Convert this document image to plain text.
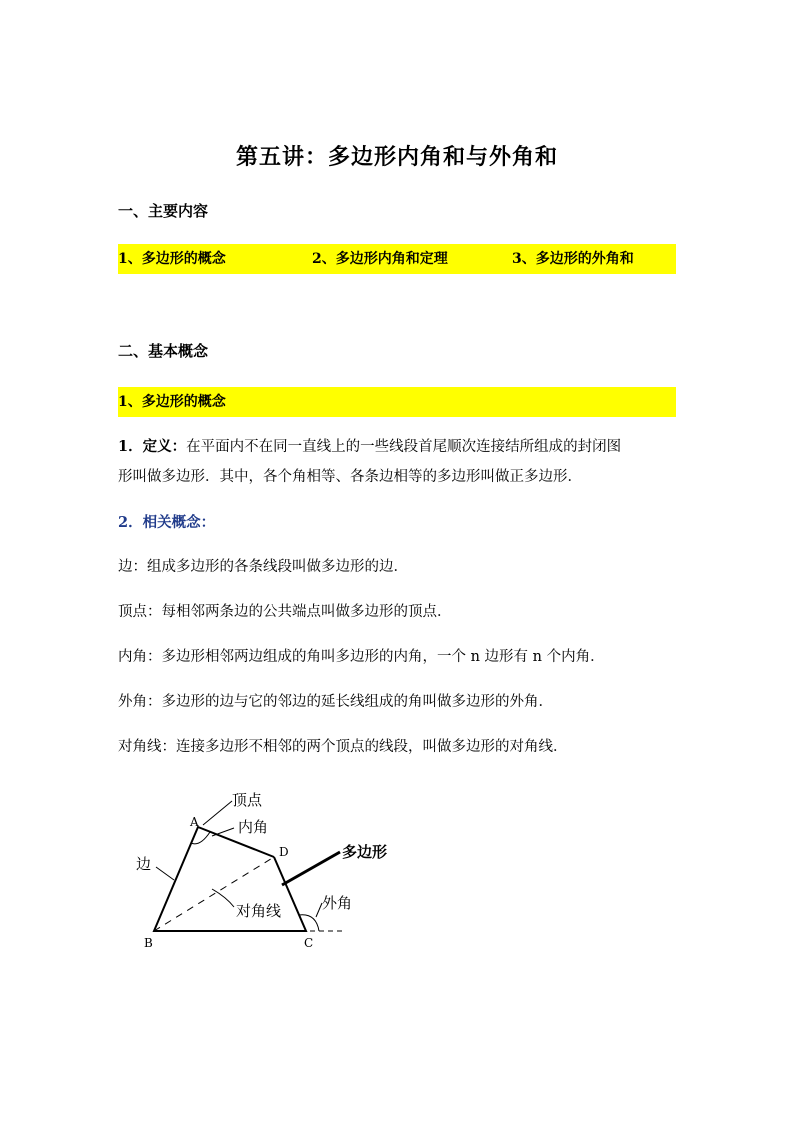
第五讲：多边形内角和与外角和
一、主要内容
1、多边形的概念	2、多边形内角和定理	3、多边形的外角和
二、基本概念
1、多边形的概念
1．定义：在平面内不在同一直线上的一些线段首尾顺次连接结所组成的封闭图
形叫做多边形．其中，各个角相等、各条边相等的多边形叫做正多边形．
2．相关概念：
边：组成多边形的各条线段叫做多边形的边．
顶点：每相邻两条边的公共端点叫做多边形的顶点．
内角：多边形相邻两边组成的角叫多边形的内角，一个 n 边形有 n 个内角．
外角：多边形的边与它的邻边的延长线组成的角叫做多边形的外角．
对角线：连接多边形不相邻的两个顶点的线段，叫做多边形的对角线．
A
B	C
D
顶点
内角
边
多边形
对角线	外角
